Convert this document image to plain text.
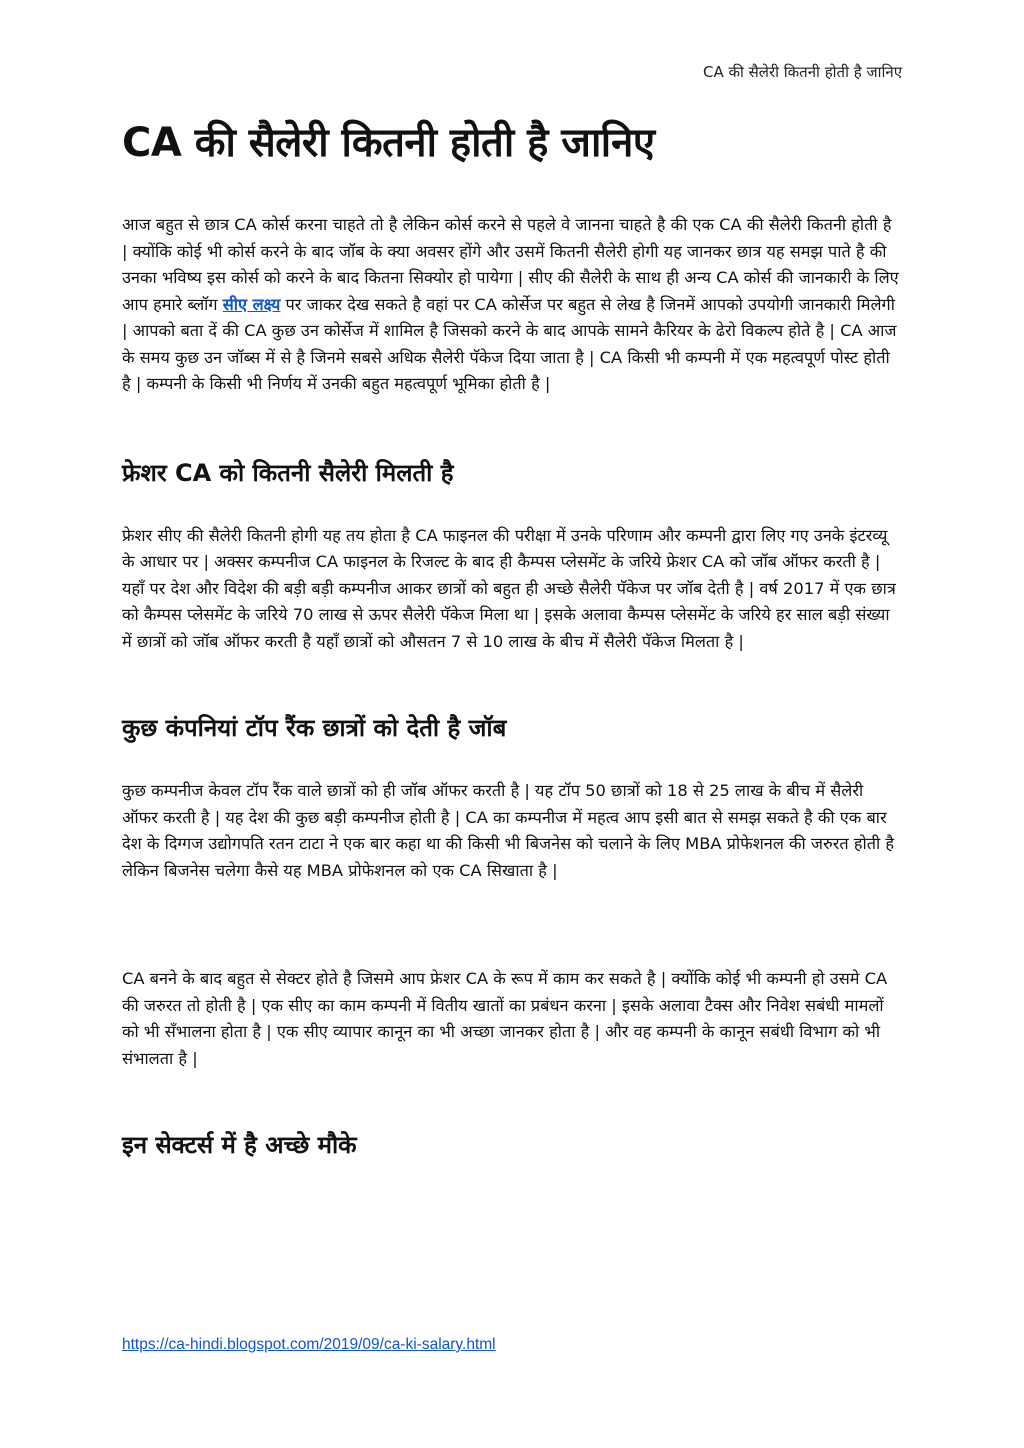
CA की सैलेरी कितनी होती है जानिए
CA की सैलेरी कितनी होती है जानिए

आज बहुत से छात्र CA कोर्स करना चाहते तो है लेकिन कोर्स करने से पहले वे जानना चाहते है की एक CA की सैलेरी कितनी होती है | क्योंकि कोई भी कोर्स करने के बाद जॉब के क्या अवसर होंगे और उसमें कितनी सैलेरी होगी यह जानकर छात्र यह समझ पाते है की उनका भविष्य इस कोर्स को करने के बाद कितना सिक्योर हो पायेगा | सीए की सैलेरी के साथ ही अन्य CA कोर्स की जानकारी के लिए आप हमारे ब्लॉग सीए लक्ष्य पर जाकर देख सकते है वहां पर CA कोर्सेज पर बहुत से लेख है जिनमें आपको उपयोगी जानकारी मिलेगी | आपको बता दें की CA कुछ उन कोर्सेज में शामिल है जिसको करने के बाद आपके सामने कैरियर के ढेरो विकल्प होते है | CA आज के समय कुछ उन जॉब्स में से है जिनमे सबसे अधिक सैलेरी पॅकेज दिया जाता है | CA किसी भी कम्पनी में एक महत्वपूर्ण पोस्ट होती है | कम्पनी के किसी भी निर्णय में उनकी बहुत महत्वपूर्ण भूमिका होती है |

फ्रेशर CA को कितनी सैलेरी मिलती है

फ्रेशर सीए की सैलेरी कितनी होगी यह तय होता है CA फाइनल की परीक्षा में उनके परिणाम और कम्पनी द्वारा लिए गए उनके इंटरव्यू के आधार पर | अक्सर कम्पनीज CA फाइनल के रिजल्ट के बाद ही कैम्पस प्लेसमेंट के जरिये फ्रेशर CA को जॉब ऑफर करती है | यहाँ पर देश और विदेश की बड़ी बड़ी कम्पनीज आकर छात्रों को बहुत ही अच्छे सैलेरी पॅकेज पर जॉब देती है | वर्ष 2017 में एक छात्र को कैम्पस प्लेसमेंट के जरिये 70 लाख से ऊपर सैलेरी पॅकेज मिला था | इसके अलावा कैम्पस प्लेसमेंट के जरिये हर साल बड़ी संख्या में छात्रों को जॉब ऑफर करती है यहाँ छात्रों को औसतन 7 से 10 लाख के बीच में सैलेरी पॅकेज मिलता है |

कुछ कंपनियां टॉप रैंक छात्रों को देती है जॉब

कुछ कम्पनीज केवल टॉप रैंक वाले छात्रों को ही जॉब ऑफर करती है | यह टॉप 50 छात्रों को 18 से 25 लाख के बीच में सैलेरी ऑफर करती है | यह देश की कुछ बड़ी कम्पनीज होती है | CA का कम्पनीज में महत्व आप इसी बात से समझ सकते है की एक बार देश के दिग्गज उद्योगपति रतन टाटा ने एक बार कहा था की किसी भी बिजनेस को चलाने के लिए MBA प्रोफेशनल की जरुरत होती है लेकिन बिजनेस चलेगा कैसे यह MBA प्रोफेशनल को एक CA सिखाता है |

CA बनने के बाद बहुत से सेक्टर होते है जिसमे आप फ्रेशर CA के रूप में काम कर सकते है | क्योंकि कोई भी कम्पनी हो उसमे CA की जरुरत तो होती है | एक सीए का काम कम्पनी में वितीय खातों का प्रबंधन करना | इसके अलावा टैक्स और निवेश सबंधी मामलों को भी सँभालना होता है | एक सीए व्यापार कानून का भी अच्छा जानकर होता है | और वह कम्पनी के कानून सबंधी विभाग को भी संभालता है |

इन सेक्टर्स में है अच्छे मौके
https://ca-hindi.blogspot.com/2019/09/ca-ki-salary.html
